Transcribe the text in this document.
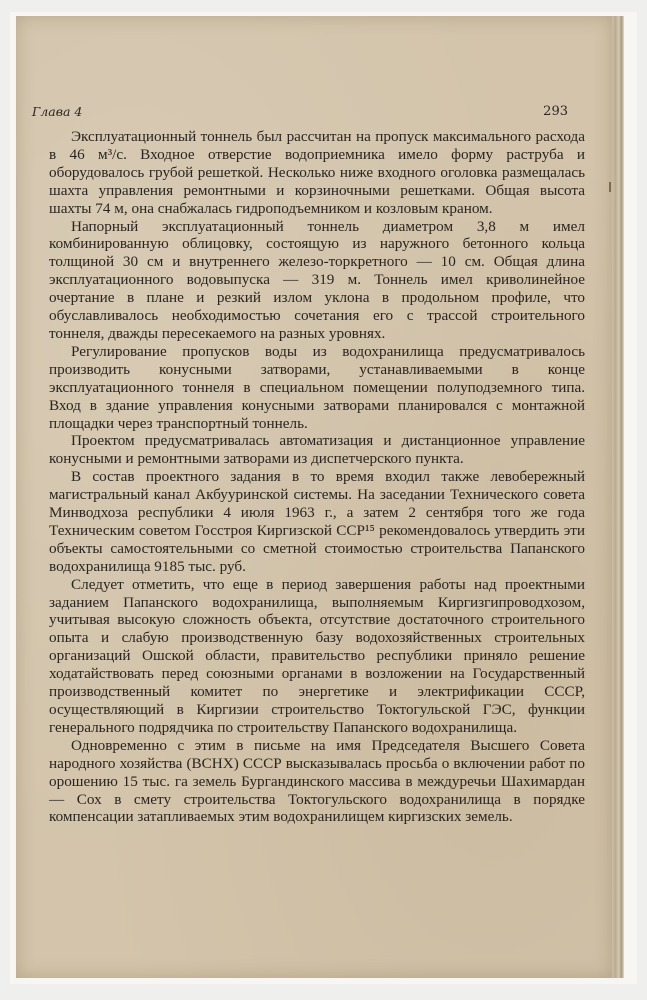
Глава 4	293

Эксплуатационный тоннель был рассчитан на пропуск максимального расхода в 46 м³/с. Входное отверстие водоприемника имело форму раструба и оборудовалось грубой решеткой. Несколько ниже входного оголовка размещалась шахта управления ремонтными и корзиночными решетками. Общая высота шахты 74 м, она снабжалась гидроподъемником и козловым краном.

Напорный эксплуатационный тоннель диаметром 3,8 м имел комбинированную облицовку, состоящую из наружного бетонного кольца толщиной 30 см и внутреннего железо-торкретного — 10 см. Общая длина эксплуатационного водовыпуска — 319 м. Тоннель имел криволинейное очертание в плане и резкий излом уклона в продольном профиле, что обуславливалось необходимостью сочетания его с трассой строительного тоннеля, дважды пересекаемого на разных уровнях.

Регулирование пропусков воды из водохранилища предусматривалось производить конусными затворами, устанавливаемыми в конце эксплуатационного тоннеля в специальном помещении полуподземного типа. Вход в здание управления конусными затворами планировался с монтажной площадки через транспортный тоннель.

Проектом предусматривалась автоматизация и дистанционное управление конусными и ремонтными затворами из диспетчерского пункта.

В состав проектного задания в то время входил также левобережный магистральный канал Акбууринской системы. На заседании Технического совета Минводхоза республики 4 июля 1963 г., а затем 2 сентября того же года Техническим советом Госстроя Киргизской ССР¹⁵ рекомендовалось утвердить эти объекты самостоятельными со сметной стоимостью строительства Папанского водохранилища 9185 тыс. руб.

Следует отметить, что еще в период завершения работы над проектными заданием Папанского водохранилища, выполняемым Киргизгипроводхозом, учитывая высокую сложность объекта, отсутствие достаточного строительного опыта и слабую производственную базу водохозяйственных строительных организаций Ошской области, правительство республики приняло решение ходатайствовать перед союзными органами в возложении на Государственный производственный комитет по энергетике и электрификации СССР, осуществляющий в Киргизии строительство Токтогульской ГЭС, функции генерального подрядчика по строительству Папанского водохранилища.

Одновременно с этим в письме на имя Председателя Высшего Совета народного хозяйства (ВСНХ) СССР высказывалась просьба о включении работ по орошению 15 тыс. га земель Бургандинского массива в междуречьи Шахимардан — Сох в смету строительства Токтогульского водохранилища в порядке компенсации затапливаемых этим водохранилищем киргизских земель.
